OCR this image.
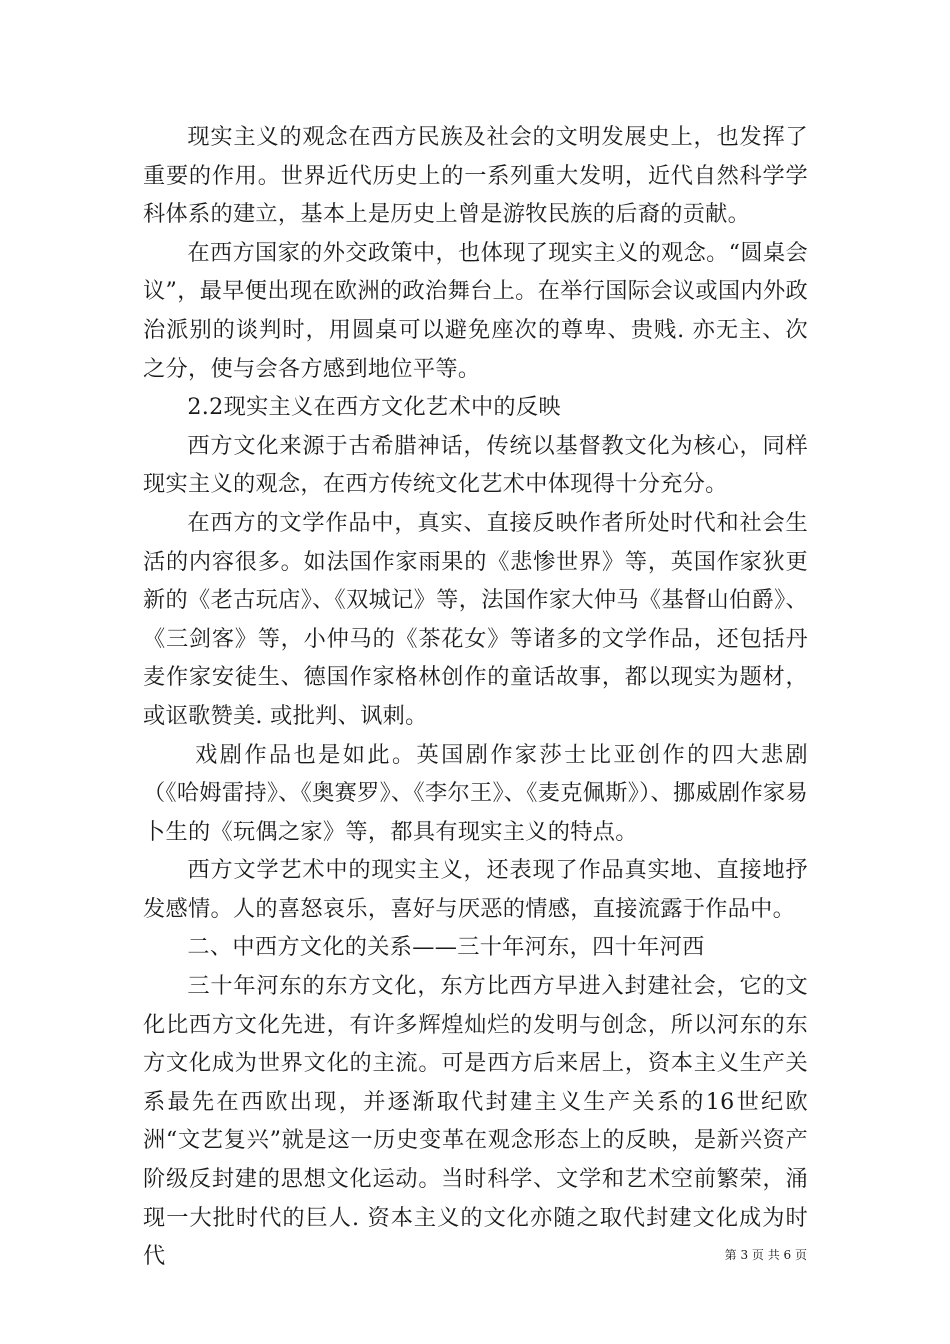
现实主义的观念在西方民族及社会的文明发展史上，也发挥了重要的作用。世界近代历史上的一系列重大发明，近代自然科学学科体系的建立，基本上是历史上曾是游牧民族的后裔的贡献。

在西方国家的外交政策中，也体现了现实主义的观念。“圆桌会议”，最早便出现在欧洲的政治舞台上。在举行国际会议或国内外政治派别的谈判时，用圆桌可以避免座次的尊卑、贵贱. 亦无主、次之分，使与会各方感到地位平等。

2.2现实主义在西方文化艺术中的反映

西方文化来源于古希腊神话，传统以基督教文化为核心，同样现实主义的观念，在西方传统文化艺术中体现得十分充分。

在西方的文学作品中，真实、直接反映作者所处时代和社会生活的内容很多。如法国作家雨果的《悲惨世界》等，英国作家狄更新的《老古玩店》、《双城记》等，法国作家大仲马《基督山伯爵》、《三剑客》等，小仲马的《茶花女》等诸多的文学作品，还包括丹麦作家安徒生、德国作家格林创作的童话故事，都以现实为题材，或讴歌赞美. 或批判、讽刺。

戏剧作品也是如此。英国剧作家莎士比亚创作的四大悲剧（《哈姆雷持》、《奥赛罗》、《李尔王》、《麦克佩斯》）、挪威剧作家易卜生的《玩偶之家》等，都具有现实主义的特点。

西方文学艺术中的现实主义，还表现了作品真实地、直接地抒发感情。人的喜怒哀乐，喜好与厌恶的情感，直接流露于作品中。

二、中西方文化的关系——三十年河东，四十年河西

三十年河东的东方文化，东方比西方早进入封建社会，它的文化比西方文化先进，有许多辉煌灿烂的发明与创念，所以河东的东方文化成为世界文化的主流。可是西方后来居上，资本主义生产关系最先在西欧出现，并逐渐取代封建主义生产关系的16世纪欧洲“文艺复兴”就是这一历史变革在观念形态上的反映，是新兴资产阶级反封建的思想文化运动。当时科学、文学和艺术空前繁荣，涌现一大批时代的巨人. 资本主义的文化亦随之取代封建文化成为时代	第 3 页 共 6 页
